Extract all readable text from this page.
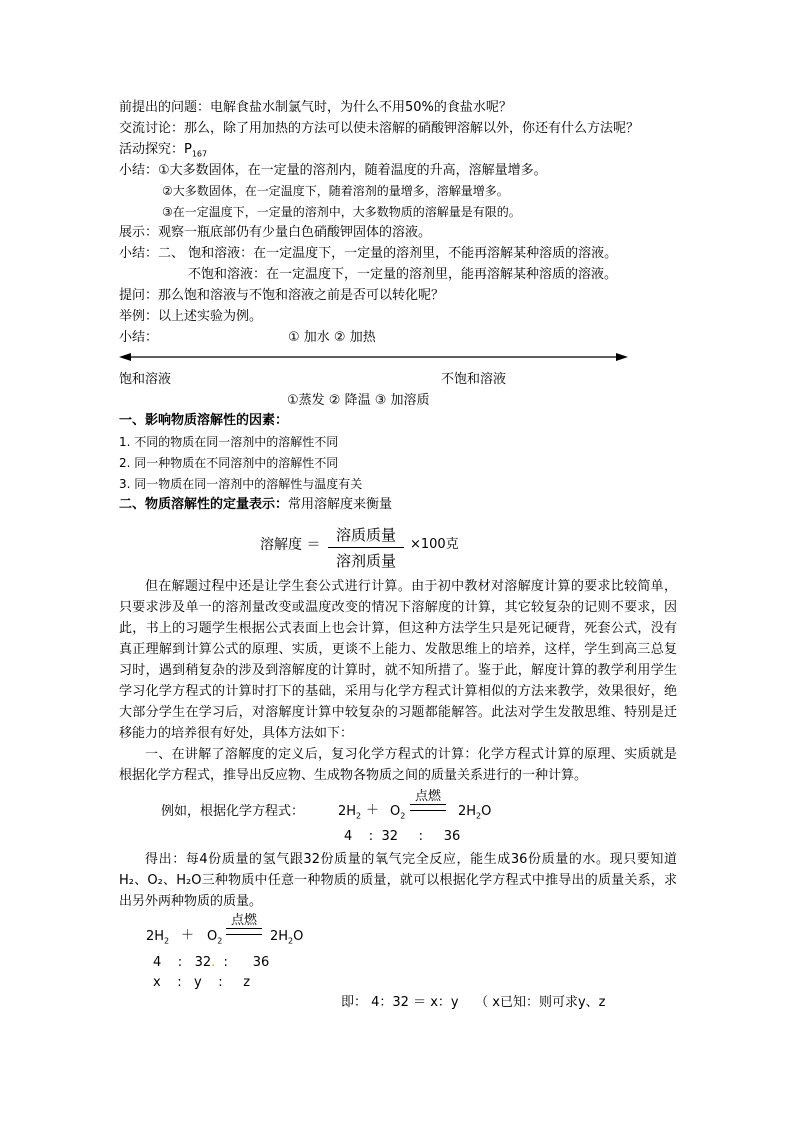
前提出的问题：电解食盐水制氯气时，为什么不用50%的食盐水呢？
交流讨论：那么，除了用加热的方法可以使未溶解的硝酸钾溶解以外，你还有什么方法呢？
活动探究：$P_{167}$
小结：①大多数固体，在一定量的溶剂内，随着温度的升高，溶解量增多。
②大多数固体，在一定温度下，随着溶剂的量增多，溶解量增多。
③在一定温度下，一定量的溶剂中，大多数物质的溶解量是有限的。
展示：观察一瓶底部仍有少量白色硝酸钾固体的溶液。
小结：二、 饱和溶液：在一定温度下，一定量的溶剂里，不能再溶解某种溶质的溶液。
不饱和溶液：在一定温度下，一定量的溶剂里，能再溶解某种溶质的溶液。
提问：那么饱和溶液与不饱和溶液之前是否可以转化呢？
举例：以上述实验为例。
小结：	① 加水 ② 加热
饱和溶液	不饱和溶液
①蒸发 ② 降温 ③ 加溶质
一、影响物质溶解性的因素：
1. 不同的物质在同一溶剂中的溶解性不同
2. 同一种物质在不同溶剂中的溶解性不同
3. 同一物质在同一溶剂中的溶解性与温度有关
二、物质溶解性的定量表示：常用溶解度来衡量
溶解度 ＝
溶质质量
溶剂质量
×100克

但在解题过程中还是让学生套公式进行计算。由于初中教材对溶解度计算的要求比较简单，只要求涉及单一的溶剂量改变或温度改变的情况下溶解度的计算，其它较复杂的记则不要求，因此，书上的习题学生根据公式表面上也会计算，但这种方法学生只是死记硬背，死套公式，没有真正理解到计算公式的原理、实质，更谈不上能力、发散思维上的培养，这样，学生到高三总复习时，遇到稍复杂的涉及到溶解度的计算时，就不知所措了。鉴于此，解度计算的教学利用学生学习化学方程式的计算时打下的基础，采用与化学方程式计算相似的方法来教学，效果很好，绝大部分学生在学习后，对溶解度计算中较复杂的习题都能解答。此法对学生发散思维、特别是迁移能力的培养很有好处，具体方法如下：

一、在讲解了溶解度的定义后，复习化学方程式的计算：化学方程式计算的原理、实质就是根据化学方程式，推导出反应物、生成物各物质之间的质量关系进行的一种计算。

例如，根据化学方程式：	$2H_2 + O_2$
点燃
$2H_2O$
4    :  32     :     36

得出：每4份质量的氢气跟32份质量的氧气完全反应，能生成36份质量的水。现只要知道H₂、O₂、H₂O三种物质中任意一种物质的质量，就可以根据化学方程式中推导出的质量关系，求出另外两种物质的质量。

$2H_2 + O_2$
点燃
$2H_2O$
4    :   32.  :      36
x    :   y    :     z
即： 4：32 ＝ x：y    （ x已知：则可求y、z
